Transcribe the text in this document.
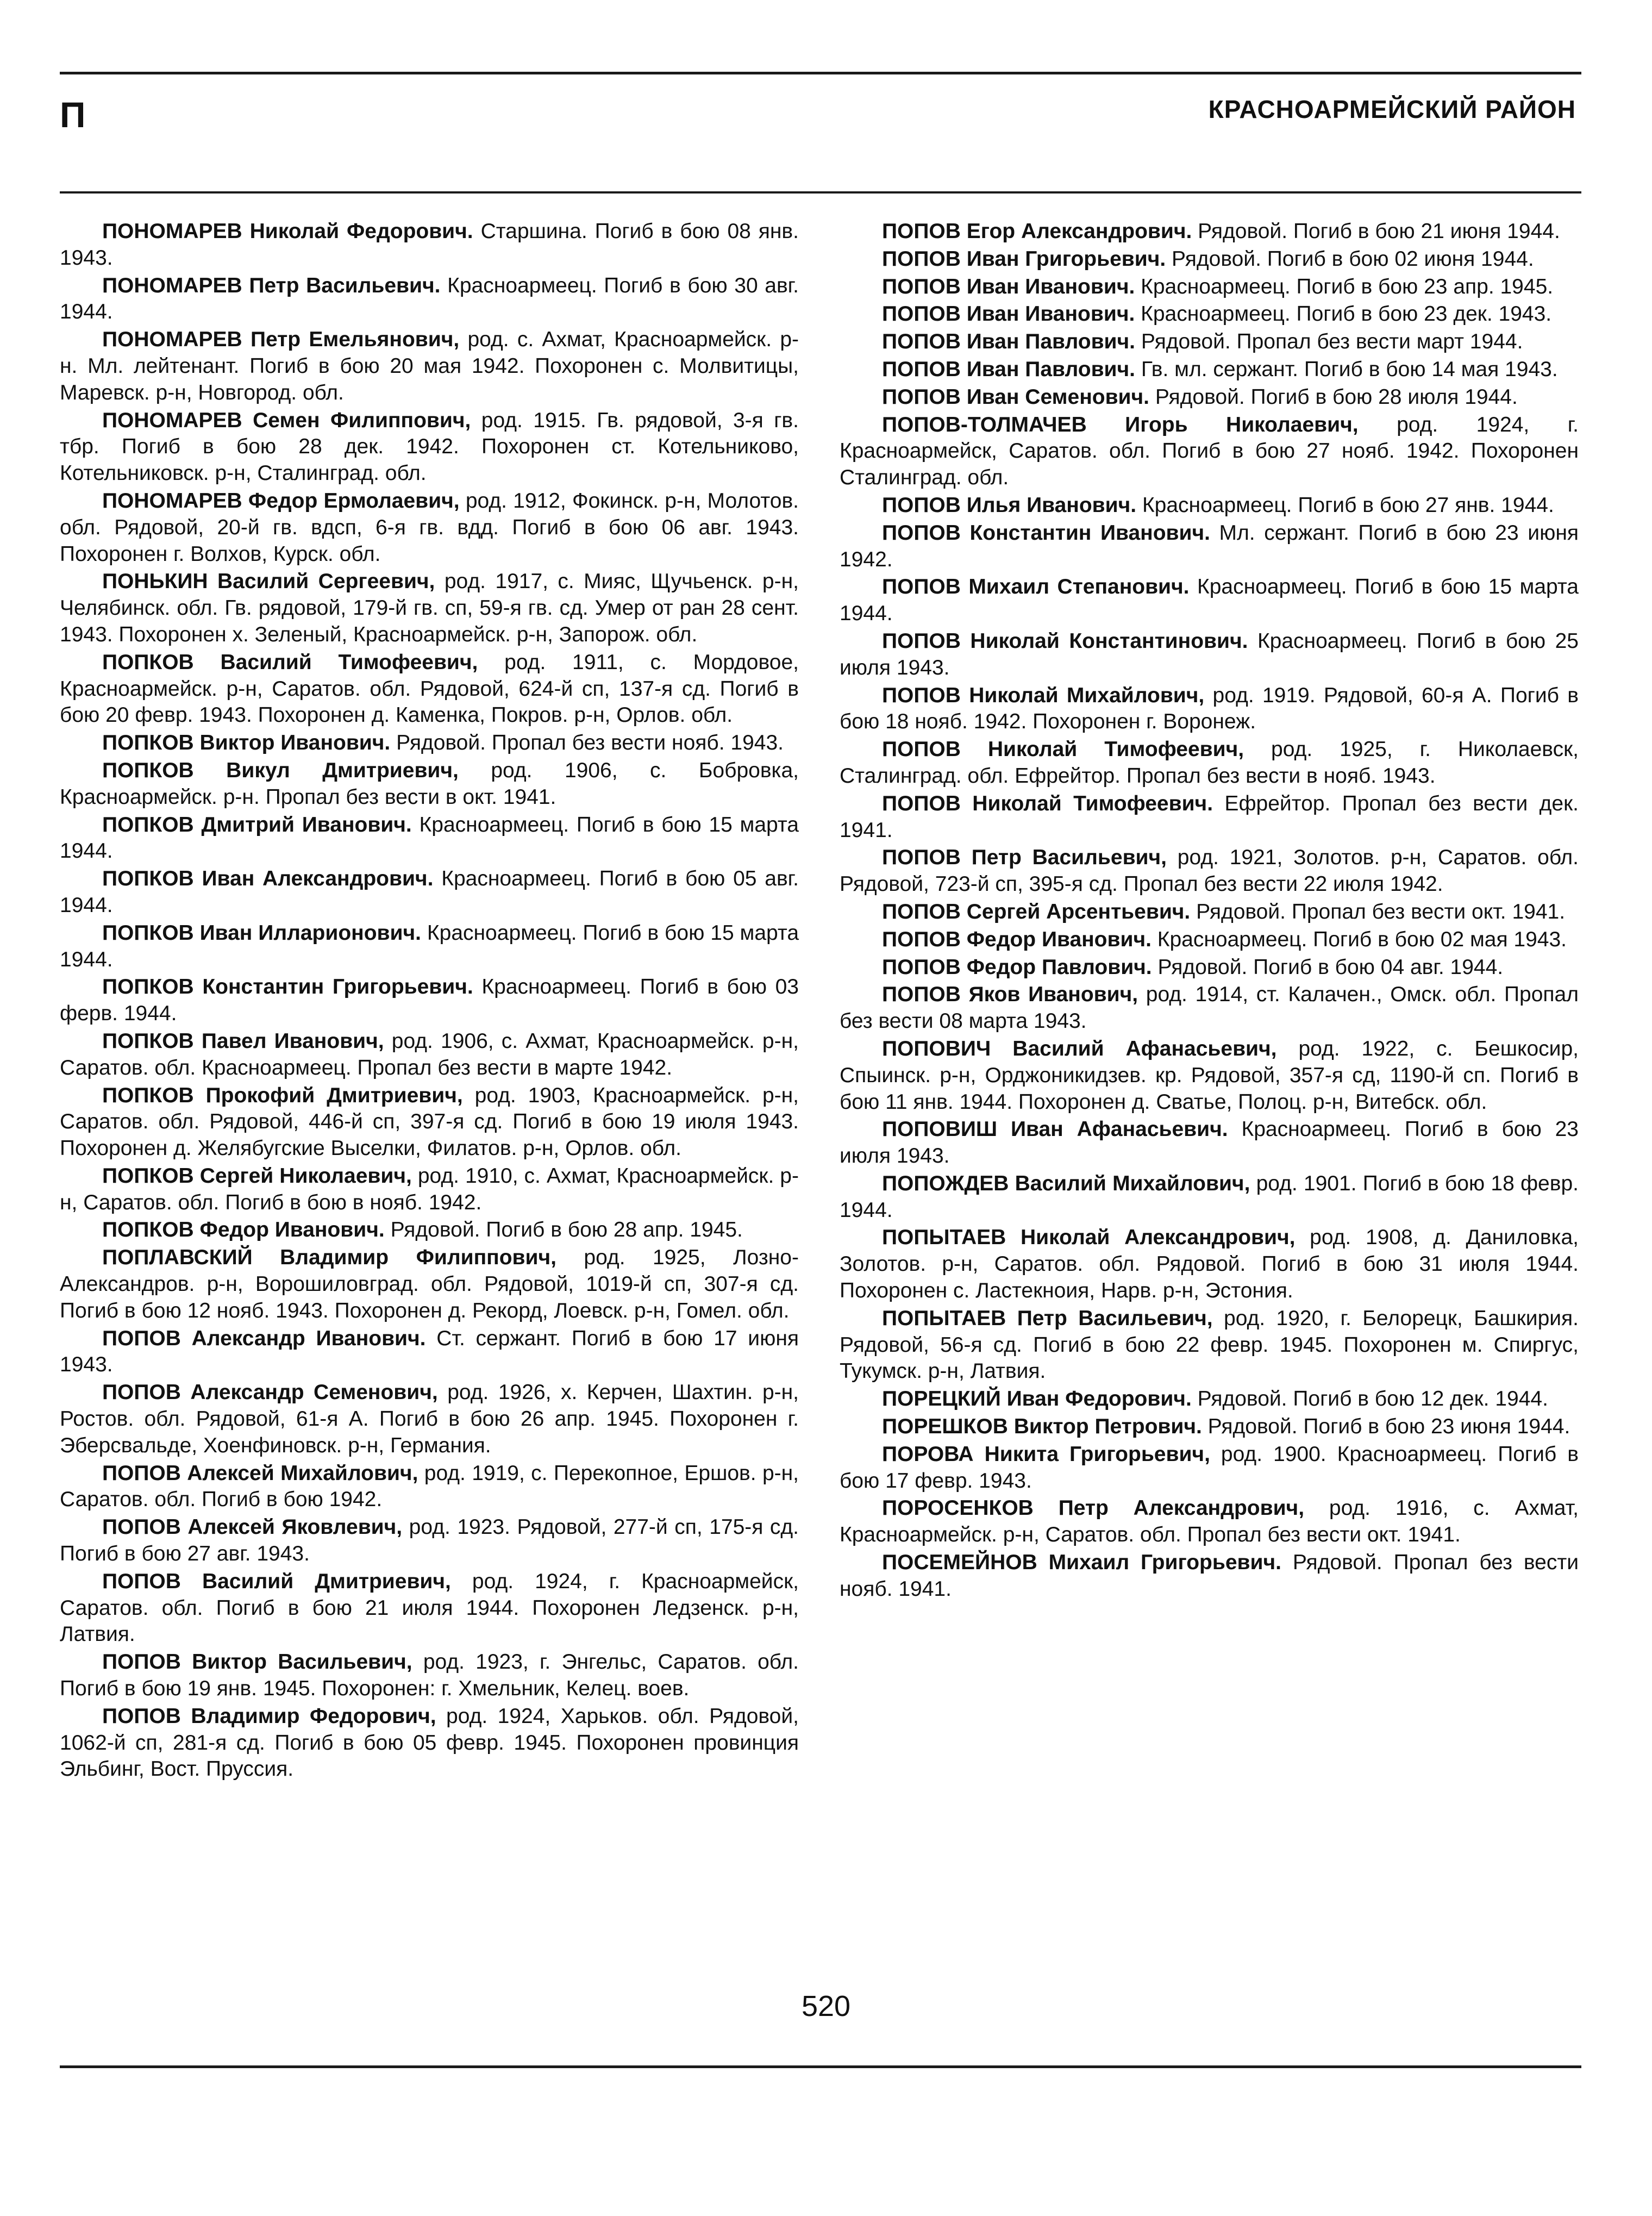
П	КРАСНОАРМЕЙСКИЙ РАЙОН

ПОНОМАРЕВ Николай Федорович. Старшина. Погиб в бою 08 янв. 1943.

ПОНОМАРЕВ Петр Васильевич. Красноармеец. Погиб в бою 30 авг. 1944.

ПОНОМАРЕВ Петр Емельянович, род. с. Ахмат, Красноармейск. р-н. Мл. лейтенант. Погиб в бою 20 мая 1942. Похоронен с. Молвитицы, Маревск. р-н, Новгород. обл.

ПОНОМАРЕВ Семен Филиппович, род. 1915. Гв. рядовой, 3-я гв. тбр. Погиб в бою 28 дек. 1942. Похоронен ст. Котельниково, Котельниковск. р-н, Сталинград. обл.

ПОНОМАРЕВ Федор Ермолаевич, род. 1912, Фокинск. р-н, Молотов. обл. Рядовой, 20-й гв. вдсп, 6-я гв. вдд. Погиб в бою 06 авг. 1943. Похоронен г. Волхов, Курск. обл.

ПОНЬКИН Василий Сергеевич, род. 1917, с. Мияс, Щучьенск. р-н, Челябинск. обл. Гв. рядовой, 179-й гв. сп, 59-я гв. сд. Умер от ран 28 сент. 1943. Похоронен х. Зеленый, Красноармейск. р-н, Запорож. обл.

ПОПКОВ Василий Тимофеевич, род. 1911, с. Мордовое, Красноармейск. р-н, Саратов. обл. Рядовой, 624-й сп, 137-я сд. Погиб в бою 20 февр. 1943. Похоронен д. Каменка, Покров. р-н, Орлов. обл.

ПОПКОВ Виктор Иванович. Рядовой. Пропал без вести нояб. 1943.

ПОПКОВ Викул Дмитриевич, род. 1906, с. Бобровка, Красноармейск. р-н. Пропал без вести в окт. 1941.

ПОПКОВ Дмитрий Иванович. Красноармеец. Погиб в бою 15 марта 1944.

ПОПКОВ Иван Александрович. Красноармеец. Погиб в бою 05 авг. 1944.

ПОПКОВ Иван Илларионович. Красноармеец. Погиб в бою 15 марта 1944.

ПОПКОВ Константин Григорьевич. Красноармеец. Погиб в бою 03 ферв. 1944.

ПОПКОВ Павел Иванович, род. 1906, с. Ахмат, Красноармейск. р-н, Саратов. обл. Красноармеец. Пропал без вести в марте 1942.

ПОПКОВ Прокофий Дмитриевич, род. 1903, Красноармейск. р-н, Саратов. обл. Рядовой, 446-й сп, 397-я сд. Погиб в бою 19 июля 1943. Похоронен д. Желябугские Выселки, Филатов. р-н, Орлов. обл.

ПОПКОВ Сергей Николаевич, род. 1910, с. Ахмат, Красноармейск. р-н, Саратов. обл. Погиб в бою в нояб. 1942.

ПОПКОВ Федор Иванович. Рядовой. Погиб в бою 28 апр. 1945.

ПОПЛАВСКИЙ Владимир Филиппович, род. 1925, Лозно-Александров. р-н, Ворошиловград. обл. Рядовой, 1019-й сп, 307-я сд. Погиб в бою 12 нояб. 1943. Похоронен д. Рекорд, Лоевск. р-н, Гомел. обл.

ПОПОВ Александр Иванович. Ст. сержант. Погиб в бою 17 июня 1943.

ПОПОВ Александр Семенович, род. 1926, х. Керчен, Шахтин. р-н, Ростов. обл. Рядовой, 61-я А. Погиб в бою 26 апр. 1945. Похоронен г. Эберсвальде, Хоенфиновск. р-н, Германия.

ПОПОВ Алексей Михайлович, род. 1919, с. Перекопное, Ершов. р-н, Саратов. обл. Погиб в бою 1942.

ПОПОВ Алексей Яковлевич, род. 1923. Рядовой, 277-й сп, 175-я сд. Погиб в бою 27 авг. 1943.

ПОПОВ Василий Дмитриевич, род. 1924, г. Красноармейск, Саратов. обл. Погиб в бою 21 июля 1944. Похоронен Ледзенск. р-н, Латвия.

ПОПОВ Виктор Васильевич, род. 1923, г. Энгельс, Саратов. обл. Погиб в бою 19 янв. 1945. Похоронен: г. Хмельник, Келец. воев.

ПОПОВ Владимир Федорович, род. 1924, Харьков. обл. Рядовой, 1062-й сп, 281-я сд. Погиб в бою 05 февр. 1945. Похоронен провинция Эльбинг, Вост. Пруссия.

ПОПОВ Егор Александрович. Рядовой. Погиб в бою 21 июня 1944.

ПОПОВ Иван Григорьевич. Рядовой. Погиб в бою 02 июня 1944.

ПОПОВ Иван Иванович. Красноармеец. Погиб в бою 23 апр. 1945.

ПОПОВ Иван Иванович. Красноармеец. Погиб в бою 23 дек. 1943.

ПОПОВ Иван Павлович. Рядовой. Пропал без вести март 1944.

ПОПОВ Иван Павлович. Гв. мл. сержант. Погиб в бою 14 мая 1943.

ПОПОВ Иван Семенович. Рядовой. Погиб в бою 28 июля 1944.

ПОПОВ-ТОЛМАЧЕВ Игорь Николаевич, род. 1924, г. Красноармейск, Саратов. обл. Погиб в бою 27 нояб. 1942. Похоронен Сталинград. обл.

ПОПОВ Илья Иванович. Красноармеец. Погиб в бою 27 янв. 1944.

ПОПОВ Константин Иванович. Мл. сержант. Погиб в бою 23 июня 1942.

ПОПОВ Михаил Степанович. Красноармеец. Погиб в бою 15 марта 1944.

ПОПОВ Николай Константинович. Красноармеец. Погиб в бою 25 июля 1943.

ПОПОВ Николай Михайлович, род. 1919. Рядовой, 60-я А. Погиб в бою 18 нояб. 1942. Похоронен г. Воронеж.

ПОПОВ Николай Тимофеевич, род. 1925, г. Николаевск, Сталинград. обл. Ефрейтор. Пропал без вести в нояб. 1943.

ПОПОВ Николай Тимофеевич. Ефрейтор. Пропал без вести дек. 1941.

ПОПОВ Петр Васильевич, род. 1921, Золотов. р-н, Саратов. обл. Рядовой, 723-й сп, 395-я сд. Пропал без вести 22 июля 1942.

ПОПОВ Сергей Арсентьевич. Рядовой. Пропал без вести окт. 1941.

ПОПОВ Федор Иванович. Красноармеец. Погиб в бою 02 мая 1943.

ПОПОВ Федор Павлович. Рядовой. Погиб в бою 04 авг. 1944.

ПОПОВ Яков Иванович, род. 1914, ст. Калачен., Омск. обл. Пропал без вести 08 марта 1943.

ПОПОВИЧ Василий Афанасьевич, род. 1922, с. Бешкосир, Спыинск. р-н, Орджоникидзев. кр. Рядовой, 357-я сд, 1190-й сп. Погиб в бою 11 янв. 1944. Похоронен д. Сватье, Полоц. р-н, Витебск. обл.

ПОПОВИШ Иван Афанасьевич. Красноармеец. Погиб в бою 23 июля 1943.

ПОПОЖДЕВ Василий Михайлович, род. 1901. Погиб в бою 18 февр. 1944.

ПОПЫТАЕВ Николай Александрович, род. 1908, д. Даниловка, Золотов. р-н, Саратов. обл. Рядовой. Погиб в бою 31 июля 1944. Похоронен с. Ластекноия, Нарв. р-н, Эстония.

ПОПЫТАЕВ Петр Васильевич, род. 1920, г. Белорецк, Башкирия. Рядовой, 56-я сд. Погиб в бою 22 февр. 1945. Похоронен м. Спиргус, Тукумск. р-н, Латвия.

ПОРЕЦКИЙ Иван Федорович. Рядовой. Погиб в бою 12 дек. 1944.

ПОРЕШКОВ Виктор Петрович. Рядовой. Погиб в бою 23 июня 1944.

ПОРОВА Никита Григорьевич, род. 1900. Красноармеец. Погиб в бою 17 февр. 1943.

ПОРОСЕНКОВ Петр Александрович, род. 1916, с. Ахмат, Красноармейск. р-н, Саратов. обл. Пропал без вести окт. 1941.

ПОСЕМЕЙНОВ Михаил Григорьевич. Рядовой. Пропал без вести нояб. 1941.

520
